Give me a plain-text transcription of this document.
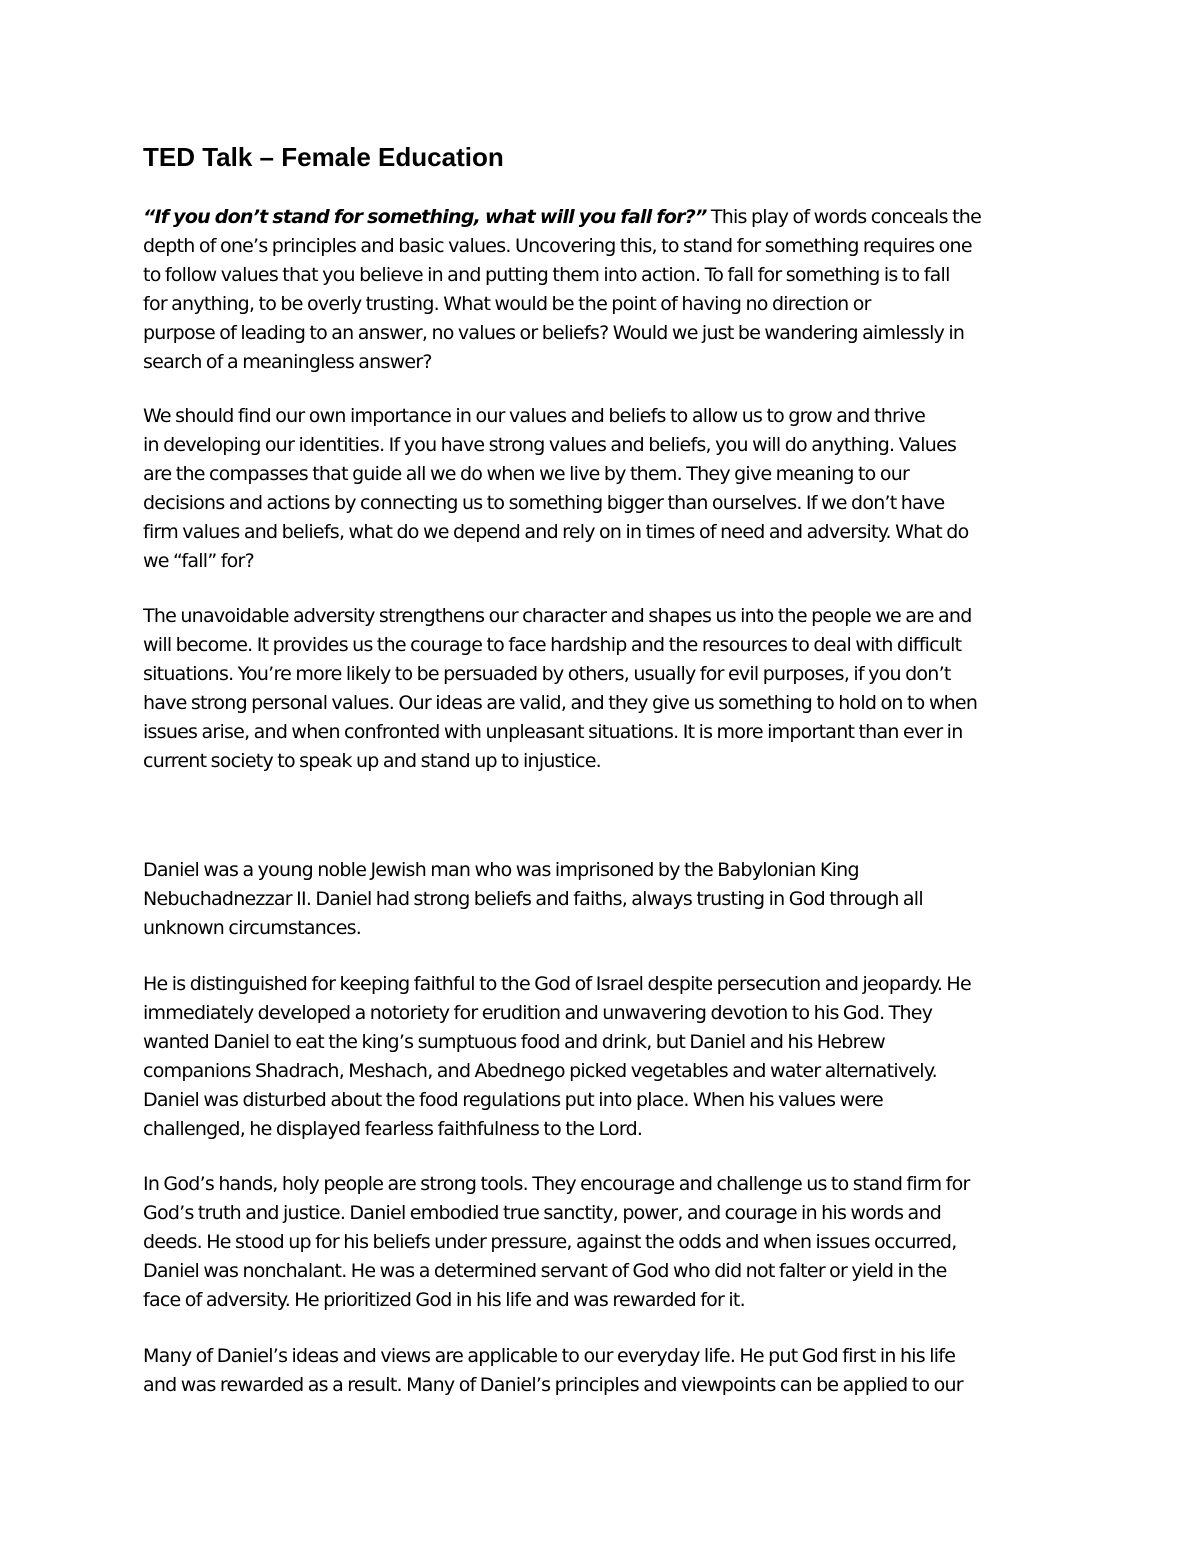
TED Talk – Female Education

“If you don’t stand for something, what will you fall for?” This play of words conceals the
depth of one’s principles and basic values. Uncovering this, to stand for something requires one
to follow values that you believe in and putting them into action. To fall for something is to fall
for anything, to be overly trusting. What would be the point of having no direction or
purpose of leading to an answer, no values or beliefs? Would we just be wandering aimlessly in
search of a meaningless answer?

We should find our own importance in our values and beliefs to allow us to grow and thrive
in developing our identities. If you have strong values and beliefs, you will do anything. Values
are the compasses that guide all we do when we live by them. They give meaning to our
decisions and actions by connecting us to something bigger than ourselves. If we don’t have
firm values and beliefs, what do we depend and rely on in times of need and adversity. What do
we “fall” for?

The unavoidable adversity strengthens our character and shapes us into the people we are and
will become. It provides us the courage to face hardship and the resources to deal with difficult
situations. You’re more likely to be persuaded by others, usually for evil purposes, if you don’t
have strong personal values. Our ideas are valid, and they give us something to hold on to when
issues arise, and when confronted with unpleasant situations. It is more important than ever in
current society to speak up and stand up to injustice.

Daniel was a young noble Jewish man who was imprisoned by the Babylonian King
Nebuchadnezzar II. Daniel had strong beliefs and faiths, always trusting in God through all
unknown circumstances.

He is distinguished for keeping faithful to the God of Israel despite persecution and jeopardy. He
immediately developed a notoriety for erudition and unwavering devotion to his God. They
wanted Daniel to eat the king’s sumptuous food and drink, but Daniel and his Hebrew
companions Shadrach, Meshach, and Abednego picked vegetables and water alternatively.
Daniel was disturbed about the food regulations put into place. When his values were
challenged, he displayed fearless faithfulness to the Lord.

In God’s hands, holy people are strong tools. They encourage and challenge us to stand firm for
God’s truth and justice. Daniel embodied true sanctity, power, and courage in his words and
deeds. He stood up for his beliefs under pressure, against the odds and when issues occurred,
Daniel was nonchalant. He was a determined servant of God who did not falter or yield in the
face of adversity. He prioritized God in his life and was rewarded for it.

Many of Daniel’s ideas and views are applicable to our everyday life. He put God first in his life
and was rewarded as a result. Many of Daniel’s principles and viewpoints can be applied to our
